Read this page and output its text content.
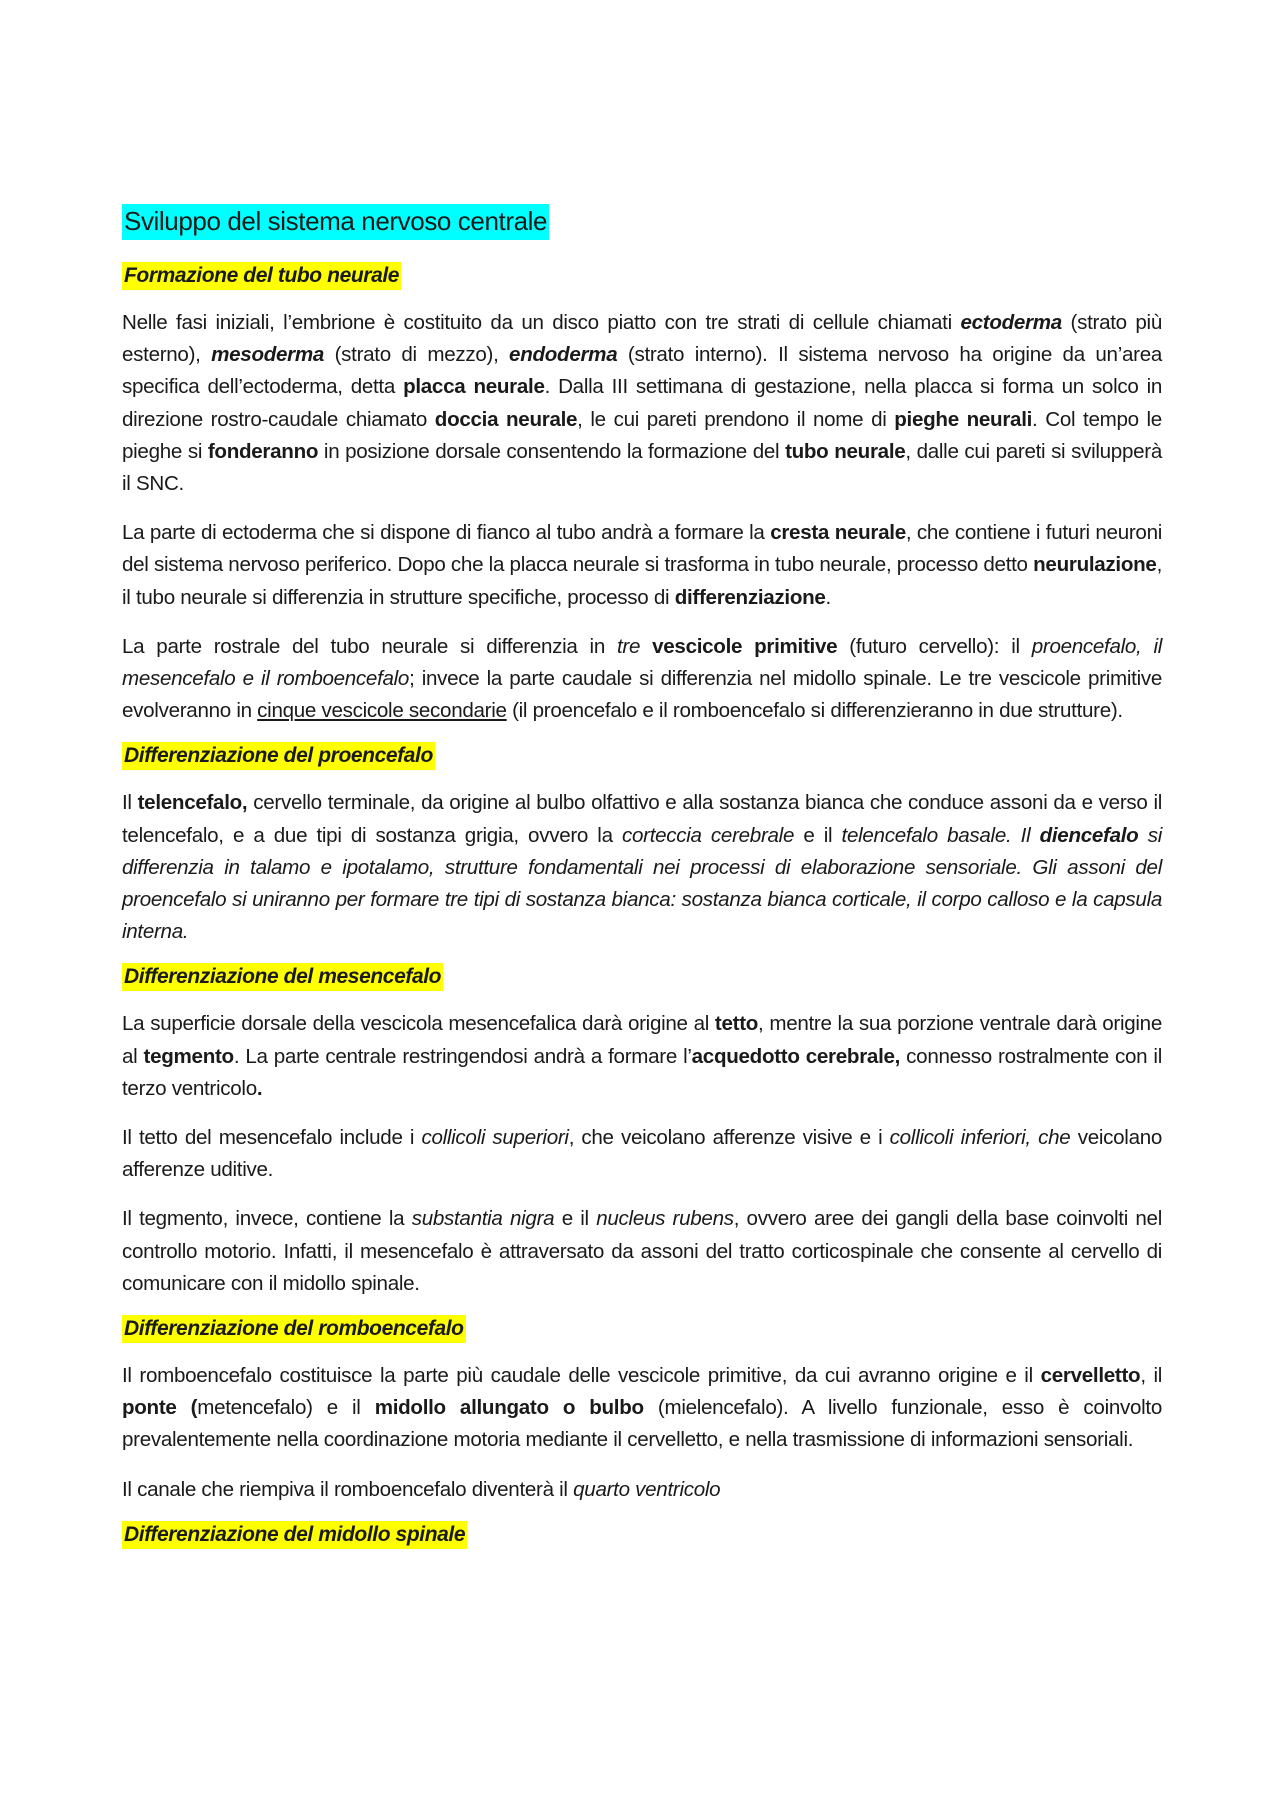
Sviluppo del sistema nervoso centrale
Formazione del tubo neurale

Nelle fasi iniziali, l’embrione è costituito da un disco piatto con tre strati di cellule chiamati ectoderma (strato più esterno), mesoderma (strato di mezzo), endoderma (strato interno). Il sistema nervoso ha origine da un’area specifica dell’ectoderma, detta placca neurale. Dalla III settimana di gestazione, nella placca si forma un solco in direzione rostro-caudale chiamato doccia neurale, le cui pareti prendono il nome di pieghe neurali. Col tempo le pieghe si fonderanno in posizione dorsale consentendo la formazione del tubo neurale, dalle cui pareti si svilupperà il SNC.

La parte di ectoderma che si dispone di fianco al tubo andrà a formare la cresta neurale, che contiene i futuri neuroni del sistema nervoso periferico. Dopo che la placca neurale si trasforma in tubo neurale, processo detto neurulazione, il tubo neurale si differenzia in strutture specifiche, processo di differenziazione.

La parte rostrale del tubo neurale si differenzia in tre vescicole primitive (futuro cervello): il proencefalo, il mesencefalo e il romboencefalo; invece la parte caudale si differenzia nel midollo spinale. Le tre vescicole primitive evolveranno in cinque vescicole secondarie (il proencefalo e il romboencefalo si differenzieranno in due strutture).

Differenziazione del proencefalo

Il telencefalo, cervello terminale, da origine al bulbo olfattivo e alla sostanza bianca che conduce assoni da e verso il telencefalo, e a due tipi di sostanza grigia, ovvero la corteccia cerebrale e il telencefalo basale. Il diencefalo si differenzia in talamo e ipotalamo, strutture fondamentali nei processi di elaborazione sensoriale. Gli assoni del proencefalo si uniranno per formare tre tipi di sostanza bianca: sostanza bianca corticale, il corpo calloso e la capsula interna.

Differenziazione del mesencefalo

La superficie dorsale della vescicola mesencefalica darà origine al tetto, mentre la sua porzione ventrale darà origine al tegmento. La parte centrale restringendosi andrà a formare l’acquedotto cerebrale, connesso rostralmente con il terzo ventricolo.

Il tetto del mesencefalo include i collicoli superiori, che veicolano afferenze visive e i collicoli inferiori, che veicolano afferenze uditive.

Il tegmento, invece, contiene la substantia nigra e il nucleus rubens, ovvero aree dei gangli della base coinvolti nel controllo motorio. Infatti, il mesencefalo è attraversato da assoni del tratto corticospinale che consente al cervello di comunicare con il midollo spinale.

Differenziazione del romboencefalo

Il romboencefalo costituisce la parte più caudale delle vescicole primitive, da cui avranno origine e il cervelletto, il ponte (metencefalo) e il midollo allungato o bulbo (mielencefalo). A livello funzionale, esso è coinvolto prevalentemente nella coordinazione motoria mediante il cervelletto, e nella trasmissione di informazioni sensoriali.

Il canale che riempiva il romboencefalo diventerà il quarto ventricolo

Differenziazione del midollo spinale
